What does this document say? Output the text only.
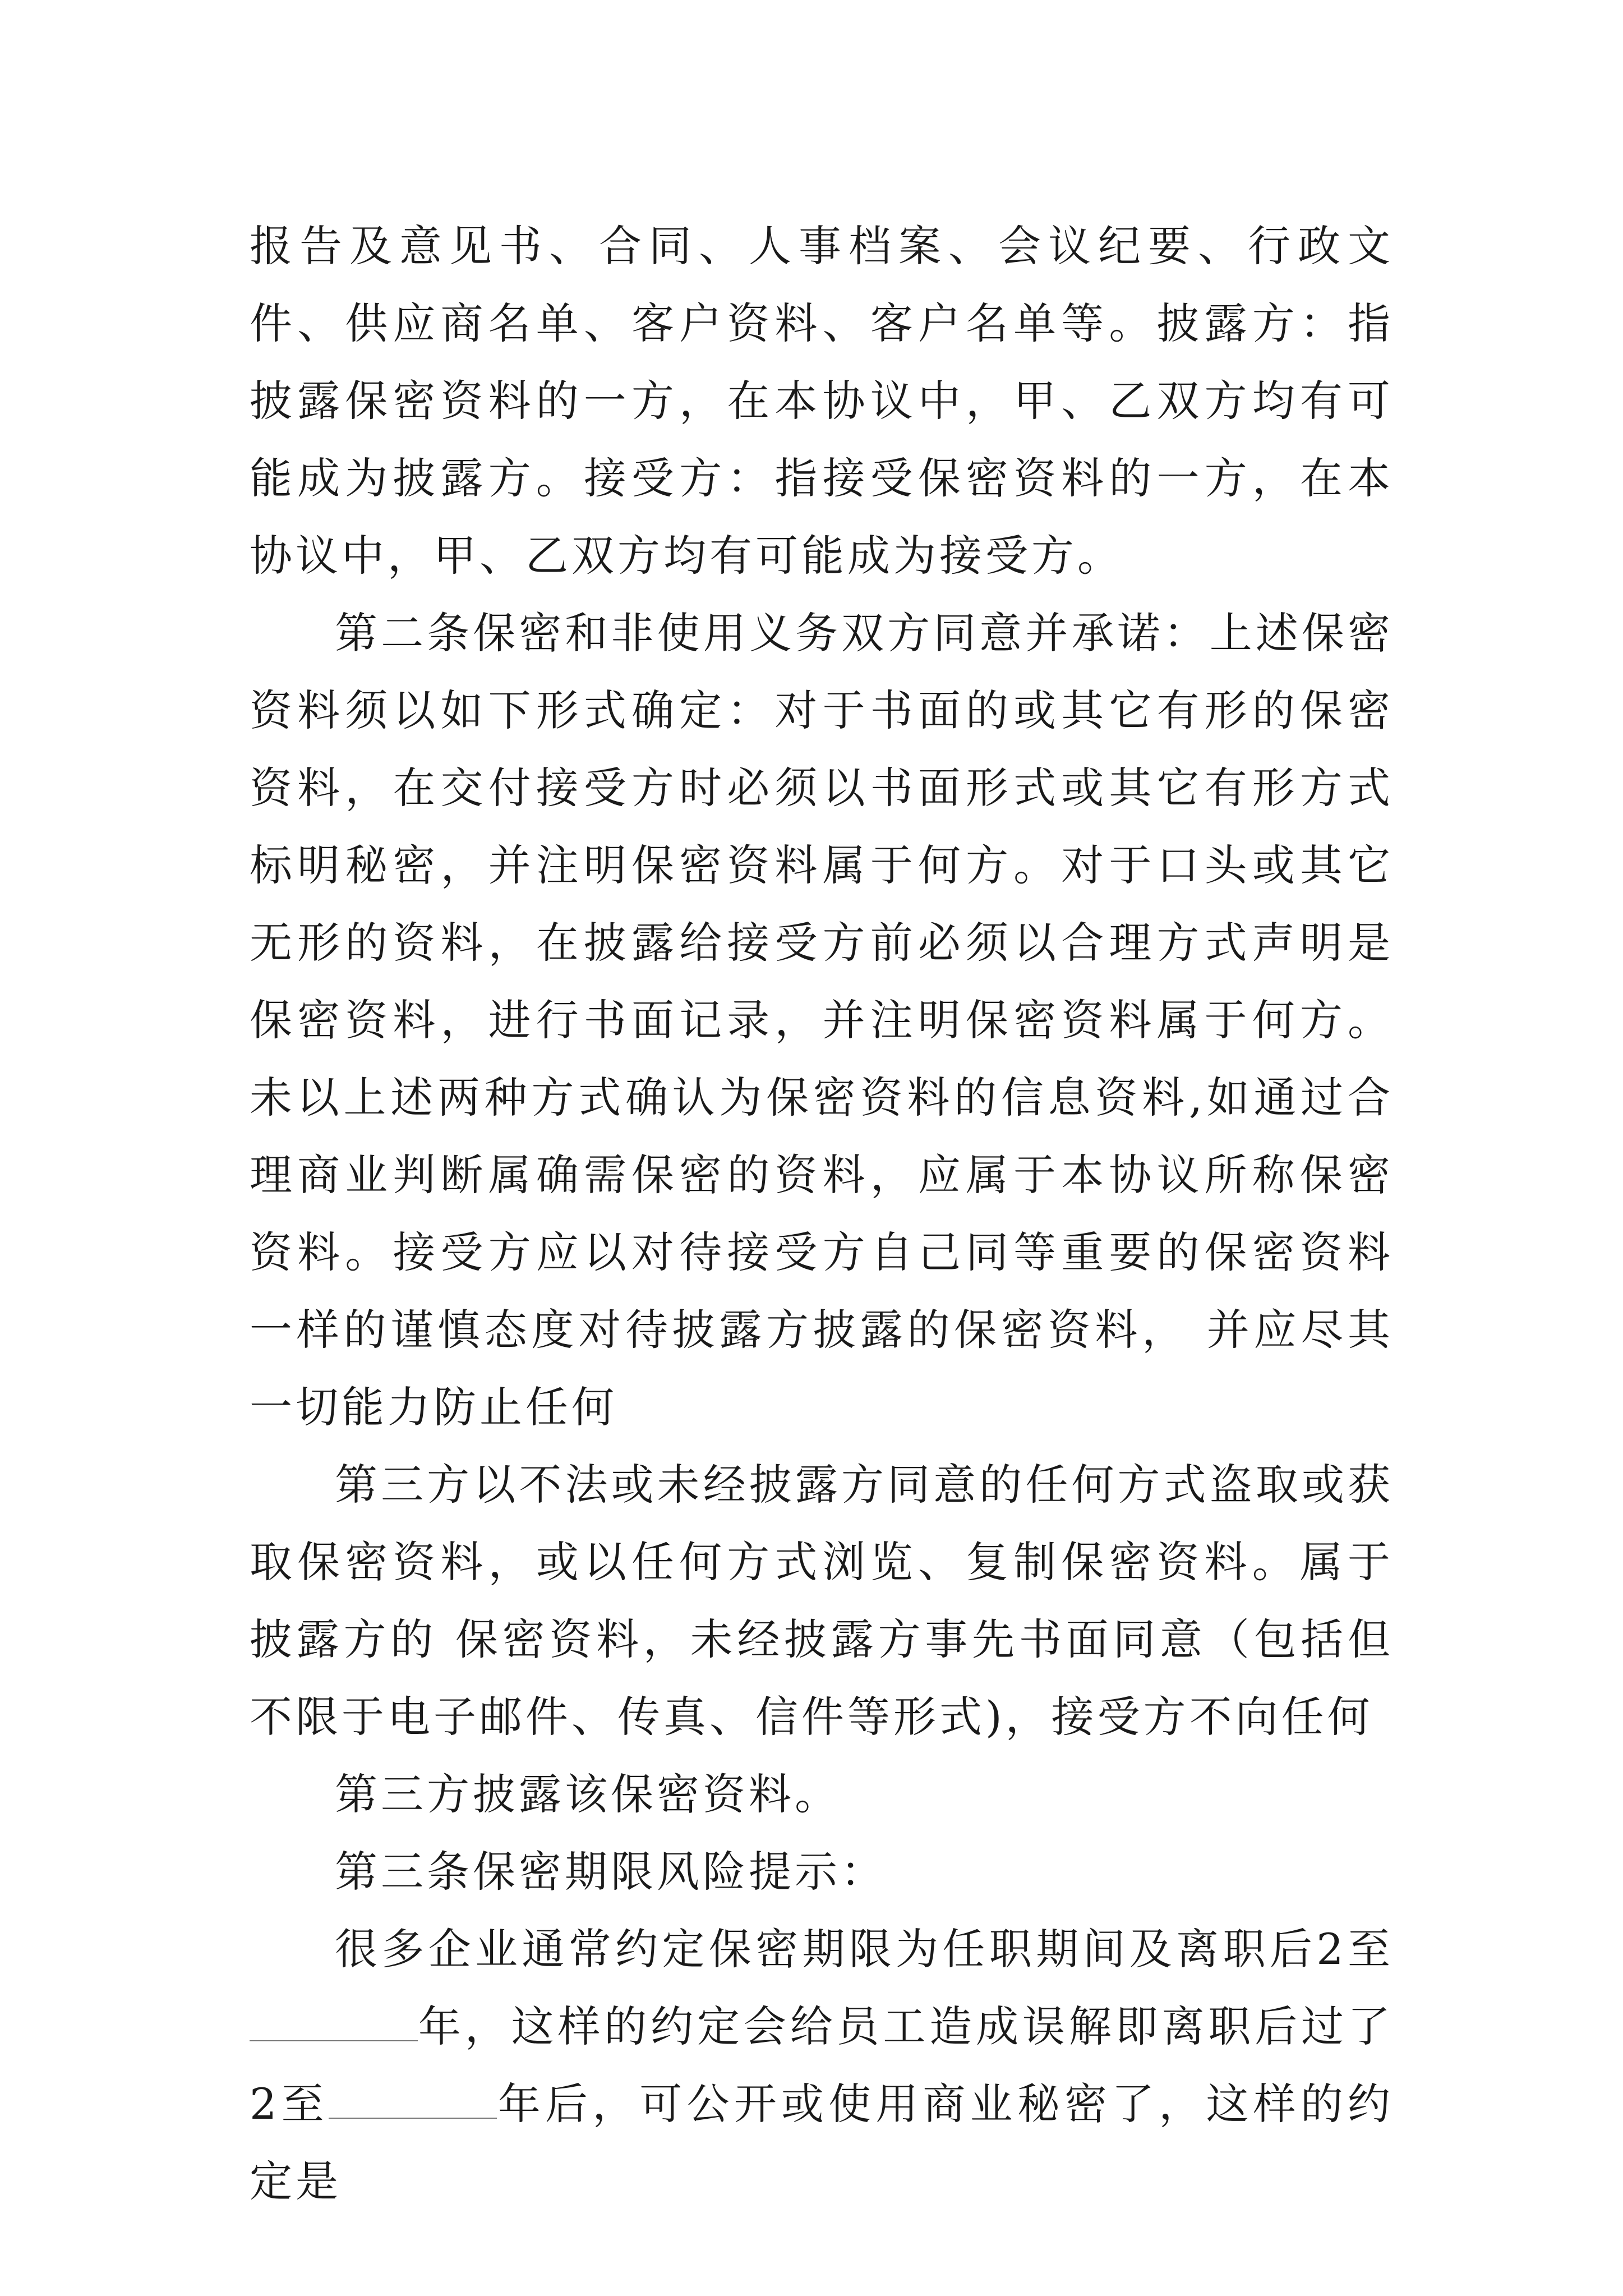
报告及意见书、合同、人事档案、会议纪要、行政文件、供应商名单、客户资料、客户名单等。披露方：指披露保密资料的一方，在本协议中，甲、乙双方均有可能成为披露方。接受方：指接受保密资料的一方，在本协议中，甲、乙双方均有可能成为接受方。

第二条保密和非使用义务双方同意并承诺：上述保密资料须以如下形式确定：对于书面的或其它有形的保密资料，在交付接受方时必须以书面形式或其它有形方式标明秘密，并注明保密资料属于何方。对于口头或其它无形的资料，在披露给接受方前必须以合理方式声明是保密资料，进行书面记录，并注明保密资料属于何方。未以上述两种方式确认为保密资料的信息资料,如通过合理商业判断属确需保密的资料，应属于本协议所称保密资料。接受方应以对待接受方自己同等重要的保密资料一样的谨慎态度对待披露方披露的保密资料， 并应尽其一切能力防止任何

第三方以不法或未经披露方同意的任何方式盗取或获取保密资料，或以任何方式浏览、复制保密资料。属于披露方的 保密资料，未经披露方事先书面同意（包括但不限于电子邮件、传真、信件等形式)，接受方不向任何

第三方披露该保密资料。

第三条保密期限风险提示：

很多企业通常约定保密期限为任职期间及离职后2至年，这样的约定会给员工造成误解即离职后过了2至	年后，可公开或使用商业秘密了，这样的约定是
